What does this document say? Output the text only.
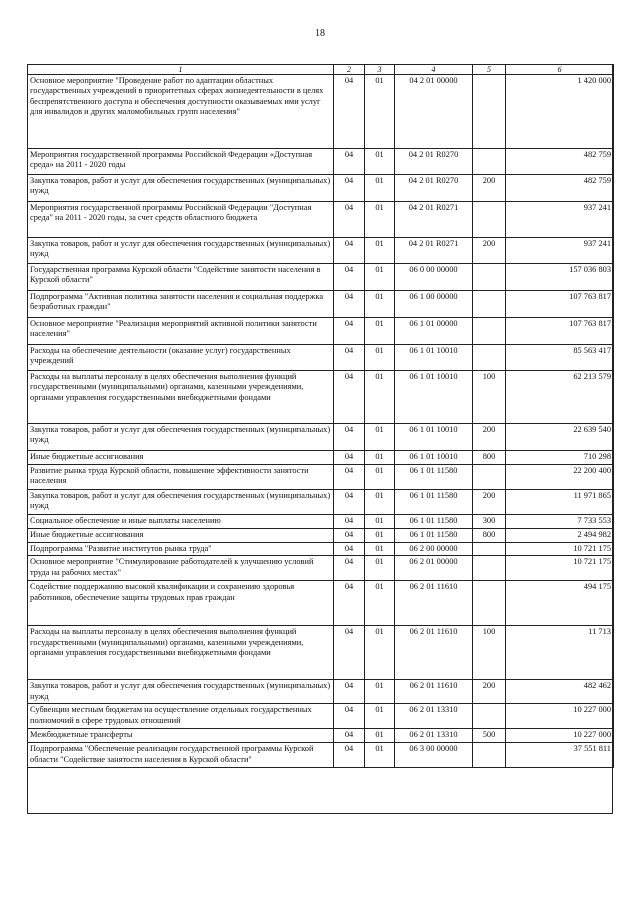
18
1	2	3	4	5	6
Основное мероприятие "Проведение работ по адаптации областных государственных учреждений в приоритетных сферах жизнедеятельности в целях беспрепятственного доступа и обеспечения доступности оказываемых ими услуг для инвалидов и других маломобильных групп населения"	04	01	04 2 01 00000		1 420 000
Мероприятия государственной программы Российской Федерации «Доступная среда» на 2011 - 2020 годы	04	01	04 2 01 R0270		482 759
Закупка товаров, работ и услуг для обеспечения государственных (муниципальных) нужд	04	01	04 2 01 R0270	200	482 759
Мероприятия государственной программы Российской Федерации "Доступная среда" на 2011 - 2020 годы, за счет средств областного бюджета	04	01	04 2 01 R0271		937 241
Закупка товаров, работ и услуг для обеспечения государственных (муниципальных) нужд	04	01	04 2 01 R0271	200	937 241
Государственная программа Курской области "Содействие занятости населения в Курской области"	04	01	06 0 00 00000		157 036 803
Подпрограмма "Активная политика занятости населения и социальная поддержка безработных граждан"	04	01	06 1 00 00000		107 763 817
Основное мероприятие "Реализация мероприятий активной политики занятости населения"	04	01	06 1 01 00000		107 763 817
Расходы на обеспечение деятельности (оказание услуг) государственных учреждений	04	01	06 1 01 10010		85 563 417
Расходы на выплаты персоналу в целях обеспечения выполнения функций государственными (муниципальными) органами, казенными учреждениями, органами управления государственными внебюджетными фондами	04	01	06 1 01 10010	100	62 213 579
Закупка товаров, работ и услуг для обеспечения государственных (муниципальных) нужд	04	01	06 1 01 10010	200	22 639 540
Иные бюджетные ассигнования	04	01	06 1 01 10010	800	710 298
Развитие рынка труда Курской области, повышение эффективности занятости населения	04	01	06 1 01 11580		22 200 400
Закупка товаров, работ и услуг для обеспечения государственных (муниципальных) нужд	04	01	06 1 01 11580	200	11 971 865
Социальное обеспечение и иные выплаты населению	04	01	06 1 01 11580	300	7 733 553
Иные бюджетные ассигнования	04	01	06 1 01 11580	800	2 494 982
Подпрограмма "Развитие институтов рынка труда"	04	01	06 2 00 00000		10 721 175
Основное мероприятие "Стимулирование работодателей к улучшению условий труда на рабочих местах"	04	01	06 2 01 00000		10 721 175
Содействие поддержанию высокой квалификации и сохранению здоровья работников, обеспечение защиты трудовых прав граждан	04	01	06 2 01 11610		494 175
Расходы на выплаты персоналу в целях обеспечения выполнения функций государственными (муниципальными) органами, казенными учреждениями, органами управления государственными внебюджетными фондами	04	01	06 2 01 11610	100	11 713
Закупка товаров, работ и услуг для обеспечения государственных (муниципальных) нужд	04	01	06 2 01 11610	200	482 462
Субвенции местным бюджетам на осуществление отдельных государственных полномочий в сфере трудовых отношений	04	01	06 2 01 13310		10 227 000
Межбюджетные трансферты	04	01	06 2 01 13310	500	10 227 000
Подпрограмма "Обеспечение реализации государственной программы Курской области "Содействие занятости населения в Курской области"	04	01	06 3 00 00000		37 551 811
